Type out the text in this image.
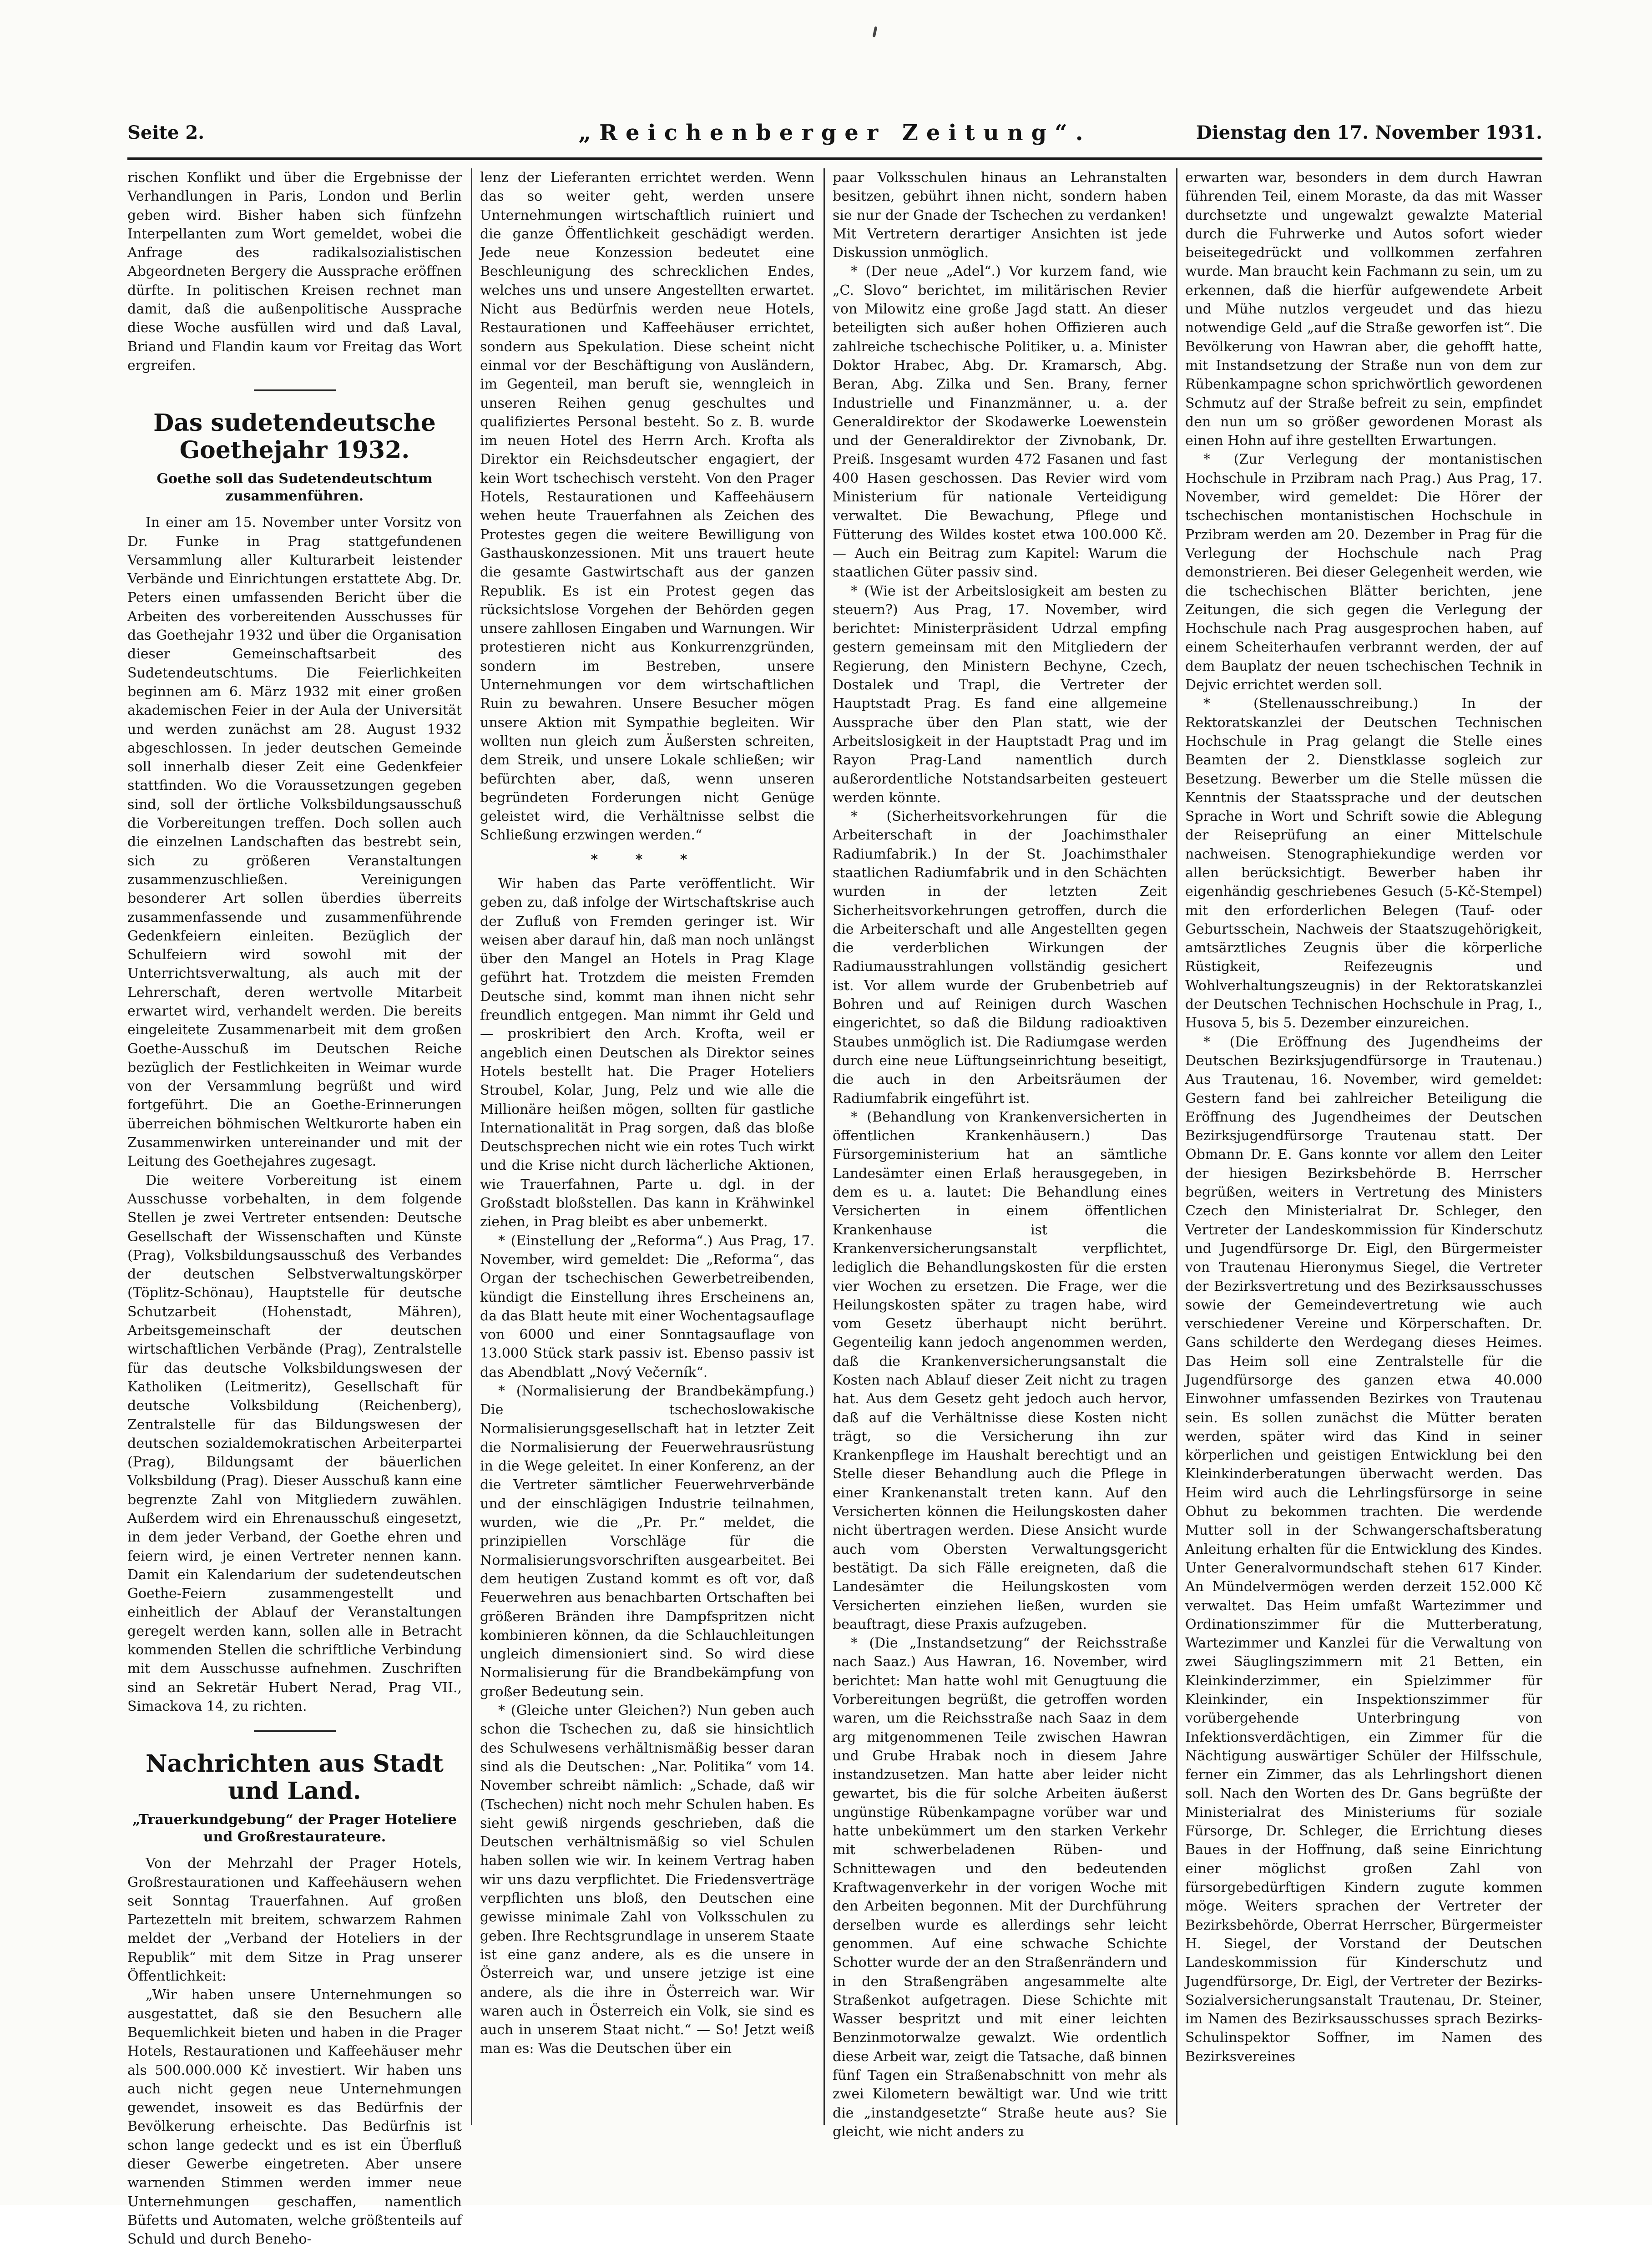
Seite 2.	„Reichenberger Zeitung“.	Dienstag den 17. November 1931.

rischen Konflikt und über die Ergebnisse der Verhandlungen in Paris, London und Berlin geben wird. Bisher haben sich fünfzehn Interpellanten zum Wort gemeldet, wobei die Anfrage des radikalsozialistischen Abgeordneten Bergery die Aussprache eröffnen dürfte. In politischen Kreisen rechnet man damit, daß die außenpolitische Aussprache diese Woche ausfüllen wird und daß Laval, Briand und Flandin kaum vor Freitag das Wort ergreifen.

Das sudetendeutsche Goethejahr 1932.
Goethe soll das Sudetendeutschtum zusammenführen.

In einer am 15. November unter Vorsitz von Dr. Funke in Prag stattgefundenen Versammlung aller Kulturarbeit leistender Verbände und Einrichtungen erstattete Abg. Dr. Peters einen umfassenden Bericht über die Arbeiten des vorbereitenden Ausschusses für das Goethejahr 1932 und über die Organisation dieser Gemeinschaftsarbeit des Sudetendeutschtums. Die Feierlichkeiten beginnen am 6. März 1932 mit einer großen akademischen Feier in der Aula der Universität und werden zunächst am 28. August 1932 abgeschlossen. In jeder deutschen Gemeinde soll innerhalb dieser Zeit eine Gedenkfeier stattfinden. Wo die Voraussetzungen gegeben sind, soll der örtliche Volksbildungsausschuß die Vorbereitungen treffen. Doch sollen auch die einzelnen Landschaften das bestrebt sein, sich zu größeren Veranstaltungen zusammenzuschließen. Vereinigungen besonderer Art sollen überdies überreits zusammenfassende und zusammenführende Gedenkfeiern einleiten. Bezüglich der Schulfeiern wird sowohl mit der Unterrichtsverwaltung, als auch mit der Lehrerschaft, deren wertvolle Mitarbeit erwartet wird, verhandelt werden. Die bereits eingeleitete Zusammenarbeit mit dem großen Goethe-Ausschuß im Deutschen Reiche bezüglich der Festlichkeiten in Weimar wurde von der Versammlung begrüßt und wird fortgeführt. Die an Goethe-Erinnerungen überreichen böhmischen Weltkurorte haben ein Zusammenwirken untereinander und mit der Leitung des Goethejahres zugesagt.

Die weitere Vorbereitung ist einem Ausschusse vorbehalten, in dem folgende Stellen je zwei Vertreter entsenden: Deutsche Gesellschaft der Wissenschaften und Künste (Prag), Volksbildungsausschuß des Verbandes der deutschen Selbstverwaltungskörper (Töplitz-Schönau), Hauptstelle für deutsche Schutzarbeit (Hohenstadt, Mähren), Arbeitsgemeinschaft der deutschen wirtschaftlichen Verbände (Prag), Zentralstelle für das deutsche Volksbildungswesen der Katholiken (Leitmeritz), Gesellschaft für deutsche Volksbildung (Reichenberg), Zentralstelle für das Bildungswesen der deutschen sozialdemokratischen Arbeiterpartei (Prag), Bildungsamt der bäuerlichen Volksbildung (Prag). Dieser Ausschuß kann eine begrenzte Zahl von Mitgliedern zuwählen. Außerdem wird ein Ehrenausschuß eingesetzt, in dem jeder Verband, der Goethe ehren und feiern wird, je einen Vertreter nennen kann. Damit ein Kalendarium der sudetendeutschen Goethe-Feiern zusammengestellt und einheitlich der Ablauf der Veranstaltungen geregelt werden kann, sollen alle in Betracht kommenden Stellen die schriftliche Verbindung mit dem Ausschusse aufnehmen. Zuschriften sind an Sekretär Hubert Nerad, Prag VII., Simackova 14, zu richten.

Nachrichten aus Stadt und Land.
„Trauerkundgebung“ der Prager Hoteliere und Großrestaurateure.

Von der Mehrzahl der Prager Hotels, Großrestaurationen und Kaffeehäusern wehen seit Sonntag Trauerfahnen. Auf großen Partezetteln mit breitem, schwarzem Rahmen meldet der „Verband der Hoteliers in der Republik“ mit dem Sitze in Prag unserer Öffentlichkeit:

„Wir haben unsere Unternehmungen so ausgestattet, daß sie den Besuchern alle Bequemlichkeit bieten und haben in die Prager Hotels, Restaurationen und Kaffeehäuser mehr als 500.000.000 Kč investiert. Wir haben uns auch nicht gegen neue Unternehmungen gewendet, insoweit es das Bedürfnis der Bevölkerung erheischte. Das Bedürfnis ist schon lange gedeckt und es ist ein Überfluß dieser Gewerbe eingetreten. Aber unsere warnenden Stimmen werden immer neue Unternehmungen geschaffen, namentlich Büfetts und Automaten, welche größtenteils auf Schuld und durch Beneho-

lenz der Lieferanten errichtet werden. Wenn das so weiter geht, werden unsere Unternehmungen wirtschaftlich ruiniert und die ganze Öffentlichkeit geschädigt werden. Jede neue Konzession bedeutet eine Beschleunigung des schrecklichen Endes, welches uns und unsere Angestellten erwartet. Nicht aus Bedürfnis werden neue Hotels, Restaurationen und Kaffeehäuser errichtet, sondern aus Spekulation. Diese scheint nicht einmal vor der Beschäftigung von Ausländern, im Gegenteil, man beruft sie, wenngleich in unseren Reihen genug geschultes und qualifiziertes Personal besteht. So z. B. wurde im neuen Hotel des Herrn Arch. Krofta als Direktor ein Reichsdeutscher engagiert, der kein Wort tschechisch versteht. Von den Prager Hotels, Restaurationen und Kaffeehäusern wehen heute Trauerfahnen als Zeichen des Protestes gegen die weitere Bewilligung von Gasthauskonzessionen. Mit uns trauert heute die gesamte Gastwirtschaft aus der ganzen Republik. Es ist ein Protest gegen das rücksichtslose Vorgehen der Behörden gegen unsere zahllosen Eingaben und Warnungen. Wir protestieren nicht aus Konkurrenzgründen, sondern im Bestreben, unsere Unternehmungen vor dem wirtschaftlichen Ruin zu bewahren. Unsere Besucher mögen unsere Aktion mit Sympathie begleiten. Wir wollten nun gleich zum Äußersten schreiten, dem Streik, und unsere Lokale schließen; wir befürchten aber, daß, wenn unseren begründeten Forderungen nicht Genüge geleistet wird, die Verhältnisse selbst die Schließung erzwingen werden.“

* * *

Wir haben das Parte veröffentlicht. Wir geben zu, daß infolge der Wirtschaftskrise auch der Zufluß von Fremden geringer ist. Wir weisen aber darauf hin, daß man noch unlängst über den Mangel an Hotels in Prag Klage geführt hat. Trotzdem die meisten Fremden Deutsche sind, kommt man ihnen nicht sehr freundlich entgegen. Man nimmt ihr Geld und — proskribiert den Arch. Krofta, weil er angeblich einen Deutschen als Direktor seines Hotels bestellt hat. Die Prager Hoteliers Stroubel, Kolar, Jung, Pelz und wie alle die Millionäre heißen mögen, sollten für gastliche Internationalität in Prag sorgen, daß das bloße Deutschsprechen nicht wie ein rotes Tuch wirkt und die Krise nicht durch lächerliche Aktionen, wie Trauerfahnen, Parte u. dgl. in der Großstadt bloßstellen. Das kann in Krähwinkel ziehen, in Prag bleibt es aber unbemerkt.

* (Einstellung der „Reforma“.) Aus Prag, 17. November, wird gemeldet: Die „Reforma“, das Organ der tschechischen Gewerbetreibenden, kündigt die Einstellung ihres Erscheinens an, da das Blatt heute mit einer Wochentagsauflage von 6000 und einer Sonntagsauflage von 13.000 Stück stark passiv ist. Ebenso passiv ist das Abendblatt „Nový Večerník“.

* (Normalisierung der Brandbekämpfung.) Die tschechoslowakische Normalisierungsgesellschaft hat in letzter Zeit die Normalisierung der Feuerwehrausrüstung in die Wege geleitet. In einer Konferenz, an der die Vertreter sämtlicher Feuerwehrverbände und der einschlägigen Industrie teilnahmen, wurden, wie die „Pr. Pr.“ meldet, die prinzipiellen Vorschläge für die Normalisierungsvorschriften ausgearbeitet. Bei dem heutigen Zustand kommt es oft vor, daß Feuerwehren aus benachbarten Ortschaften bei größeren Bränden ihre Dampfspritzen nicht kombinieren können, da die Schlauchleitungen ungleich dimensioniert sind. So wird diese Normalisierung für die Brandbekämpfung von großer Bedeutung sein.

* (Gleiche unter Gleichen?) Nun geben auch schon die Tschechen zu, daß sie hinsichtlich des Schulwesens verhältnismäßig besser daran sind als die Deutschen: „Nar. Politika“ vom 14. November schreibt nämlich: „Schade, daß wir (Tschechen) nicht noch mehr Schulen haben. Es sieht gewiß nirgends geschrieben, daß die Deutschen verhältnismäßig so viel Schulen haben sollen wie wir. In keinem Vertrag haben wir uns dazu verpflichtet. Die Friedensverträge verpflichten uns bloß, den Deutschen eine gewisse minimale Zahl von Volksschulen zu geben. Ihre Rechtsgrundlage in unserem Staate ist eine ganz andere, als es die unsere in Österreich war, und unsere jetzige ist eine andere, als die ihre in Österreich war. Wir waren auch in Österreich ein Volk, sie sind es auch in unserem Staat nicht.“ — So! Jetzt weiß man es: Was die Deutschen über ein

paar Volksschulen hinaus an Lehranstalten besitzen, gebührt ihnen nicht, sondern haben sie nur der Gnade der Tschechen zu verdanken! Mit Vertretern derartiger Ansichten ist jede Diskussion unmöglich.

* (Der neue „Adel“.) Vor kurzem fand, wie „C. Slovo“ berichtet, im militärischen Revier von Milowitz eine große Jagd statt. An dieser beteiligten sich außer hohen Offizieren auch zahlreiche tschechische Politiker, u. a. Minister Doktor Hrabec, Abg. Dr. Kramarsch, Abg. Beran, Abg. Zilka und Sen. Brany, ferner Industrielle und Finanzmänner, u. a. der Generaldirektor der Skodawerke Loewenstein und der Generaldirektor der Zivnobank, Dr. Preiß. Insgesamt wurden 472 Fasanen und fast 400 Hasen geschossen. Das Revier wird vom Ministerium für nationale Verteidigung verwaltet. Die Bewachung, Pflege und Fütterung des Wildes kostet etwa 100.000 Kč. — Auch ein Beitrag zum Kapitel: Warum die staatlichen Güter passiv sind.

* (Wie ist der Arbeitslosigkeit am besten zu steuern?) Aus Prag, 17. November, wird berichtet: Ministerpräsident Udrzal empfing gestern gemeinsam mit den Mitgliedern der Regierung, den Ministern Bechyne, Czech, Dostalek und Trapl, die Vertreter der Hauptstadt Prag. Es fand eine allgemeine Aussprache über den Plan statt, wie der Arbeitslosigkeit in der Hauptstadt Prag und im Rayon Prag-Land namentlich durch außerordentliche Notstandsarbeiten gesteuert werden könnte.

* (Sicherheitsvorkehrungen für die Arbeiterschaft in der Joachimsthaler Radiumfabrik.) In der St. Joachimsthaler staatlichen Radiumfabrik und in den Schächten wurden in der letzten Zeit Sicherheitsvorkehrungen getroffen, durch die die Arbeiterschaft und alle Angestellten gegen die verderblichen Wirkungen der Radiumausstrahlungen vollständig gesichert ist. Vor allem wurde der Grubenbetrieb auf Bohren und auf Reinigen durch Waschen eingerichtet, so daß die Bildung radioaktiven Staubes unmöglich ist. Die Radiumgase werden durch eine neue Lüftungseinrichtung beseitigt, die auch in den Arbeitsräumen der Radiumfabrik eingeführt ist.

* (Behandlung von Krankenversicherten in öffentlichen Krankenhäusern.) Das Fürsorgeministerium hat an sämtliche Landesämter einen Erlaß herausgegeben, in dem es u. a. lautet: Die Behandlung eines Versicherten in einem öffentlichen Krankenhause ist die Krankenversicherungsanstalt verpflichtet, lediglich die Behandlungskosten für die ersten vier Wochen zu ersetzen. Die Frage, wer die Heilungskosten später zu tragen habe, wird vom Gesetz überhaupt nicht berührt. Gegenteilig kann jedoch angenommen werden, daß die Krankenversicherungsanstalt die Kosten nach Ablauf dieser Zeit nicht zu tragen hat. Aus dem Gesetz geht jedoch auch hervor, daß auf die Verhältnisse diese Kosten nicht trägt, so die Versicherung ihn zur Krankenpflege im Haushalt berechtigt und an Stelle dieser Behandlung auch die Pflege in einer Krankenanstalt treten kann. Auf den Versicherten können die Heilungskosten daher nicht übertragen werden. Diese Ansicht wurde auch vom Obersten Verwaltungsgericht bestätigt. Da sich Fälle ereigneten, daß die Landesämter die Heilungskosten vom Versicherten einziehen ließen, wurden sie beauftragt, diese Praxis aufzugeben.

* (Die „Instandsetzung“ der Reichsstraße nach Saaz.) Aus Hawran, 16. November, wird berichtet: Man hatte wohl mit Genugtuung die Vorbereitungen begrüßt, die getroffen worden waren, um die Reichsstraße nach Saaz in dem arg mitgenommenen Teile zwischen Hawran und Grube Hrabak noch in diesem Jahre instandzusetzen. Man hatte aber leider nicht gewartet, bis die für solche Arbeiten äußerst ungünstige Rübenkampagne vorüber war und hatte unbekümmert um den starken Verkehr mit schwerbeladenen Rüben- und Schnittewagen und den bedeutenden Kraftwagenverkehr in der vorigen Woche mit den Arbeiten begonnen. Mit der Durchführung derselben wurde es allerdings sehr leicht genommen. Auf eine schwache Schichte Schotter wurde der an den Straßenrändern und in den Straßengräben angesammelte alte Straßenkot aufgetragen. Diese Schichte mit Wasser bespritzt und mit einer leichten Benzinmotorwalze gewalzt. Wie ordentlich diese Arbeit war, zeigt die Tatsache, daß binnen fünf Tagen ein Straßenabschnitt von mehr als zwei Kilometern bewältigt war. Und wie tritt die „instandgesetzte“ Straße heute aus? Sie gleicht, wie nicht anders zu

erwarten war, besonders in dem durch Hawran führenden Teil, einem Moraste, da das mit Wasser durchsetzte und ungewalzt gewalzte Material durch die Fuhrwerke und Autos sofort wieder beiseitegedrückt und vollkommen zerfahren wurde. Man braucht kein Fachmann zu sein, um zu erkennen, daß die hierfür aufgewendete Arbeit und Mühe nutzlos vergeudet und das hiezu notwendige Geld „auf die Straße geworfen ist“. Die Bevölkerung von Hawran aber, die gehofft hatte, mit Instandsetzung der Straße nun von dem zur Rübenkampagne schon sprichwörtlich gewordenen Schmutz auf der Straße befreit zu sein, empfindet den nun um so größer gewordenen Morast als einen Hohn auf ihre gestellten Erwartungen.

* (Zur Verlegung der montanistischen Hochschule in Przibram nach Prag.) Aus Prag, 17. November, wird gemeldet: Die Hörer der tschechischen montanistischen Hochschule in Przibram werden am 20. Dezember in Prag für die Verlegung der Hochschule nach Prag demonstrieren. Bei dieser Gelegenheit werden, wie die tschechischen Blätter berichten, jene Zeitungen, die sich gegen die Verlegung der Hochschule nach Prag ausgesprochen haben, auf einem Scheiterhaufen verbrannt werden, der auf dem Bauplatz der neuen tschechischen Technik in Dejvic errichtet werden soll.

* (Stellenausschreibung.) In der Rektoratskanzlei der Deutschen Technischen Hochschule in Prag gelangt die Stelle eines Beamten der 2. Dienstklasse sogleich zur Besetzung. Bewerber um die Stelle müssen die Kenntnis der Staatssprache und der deutschen Sprache in Wort und Schrift sowie die Ablegung der Reiseprüfung an einer Mittelschule nachweisen. Stenographiekundige werden vor allen berücksichtigt. Bewerber haben ihr eigenhändig geschriebenes Gesuch (5-Kč-Stempel) mit den erforderlichen Belegen (Tauf- oder Geburtsschein, Nachweis der Staatszugehörigkeit, amtsärztliches Zeugnis über die körperliche Rüstigkeit, Reifezeugnis und Wohlverhaltungszeugnis) in der Rektoratskanzlei der Deutschen Technischen Hochschule in Prag, I., Husova 5, bis 5. Dezember einzureichen.

* (Die Eröffnung des Jugendheims der Deutschen Bezirksjugendfürsorge in Trautenau.) Aus Trautenau, 16. November, wird gemeldet: Gestern fand bei zahlreicher Beteiligung die Eröffnung des Jugendheimes der Deutschen Bezirksjugendfürsorge Trautenau statt. Der Obmann Dr. E. Gans konnte vor allem den Leiter der hiesigen Bezirksbehörde B. Herrscher begrüßen, weiters in Vertretung des Ministers Czech den Ministerialrat Dr. Schleger, den Vertreter der Landeskommission für Kinderschutz und Jugendfürsorge Dr. Eigl, den Bürgermeister von Trautenau Hieronymus Siegel, die Vertreter der Bezirksvertretung und des Bezirksausschusses sowie der Gemeindevertretung wie auch verschiedener Vereine und Körperschaften. Dr. Gans schilderte den Werdegang dieses Heimes. Das Heim soll eine Zentralstelle für die Jugendfürsorge des ganzen etwa 40.000 Einwohner umfassenden Bezirkes von Trautenau sein. Es sollen zunächst die Mütter beraten werden, später wird das Kind in seiner körperlichen und geistigen Entwicklung bei den Kleinkinderberatungen überwacht werden. Das Heim wird auch die Lehrlingsfürsorge in seine Obhut zu bekommen trachten. Die werdende Mutter soll in der Schwangerschaftsberatung Anleitung erhalten für die Entwicklung des Kindes. Unter Generalvormundschaft stehen 617 Kinder. An Mündelvermögen werden derzeit 152.000 Kč verwaltet. Das Heim umfaßt Wartezimmer und Ordinationszimmer für die Mutterberatung, Wartezimmer und Kanzlei für die Verwaltung von zwei Säuglingszimmern mit 21 Betten, ein Kleinkinderzimmer, ein Spielzimmer für Kleinkinder, ein Inspektionszimmer für vorübergehende Unterbringung von Infektionsverdächtigen, ein Zimmer für die Nächtigung auswärtiger Schüler der Hilfsschule, ferner ein Zimmer, das als Lehrlingshort dienen soll. Nach den Worten des Dr. Gans begrüßte der Ministerialrat des Ministeriums für soziale Fürsorge, Dr. Schleger, die Errichtung dieses Baues in der Hoffnung, daß seine Einrichtung einer möglichst großen Zahl von fürsorgebedürftigen Kindern zugute kommen möge. Weiters sprachen der Vertreter der Bezirksbehörde, Oberrat Herrscher, Bürgermeister H. Siegel, der Vorstand der Deutschen Landeskommission für Kinderschutz und Jugendfürsorge, Dr. Eigl, der Vertreter der Bezirks-Sozialversicherungsanstalt Trautenau, Dr. Steiner, im Namen des Bezirksausschusses sprach Bezirks-Schulinspektor Soffner, im Namen des Bezirksvereines
